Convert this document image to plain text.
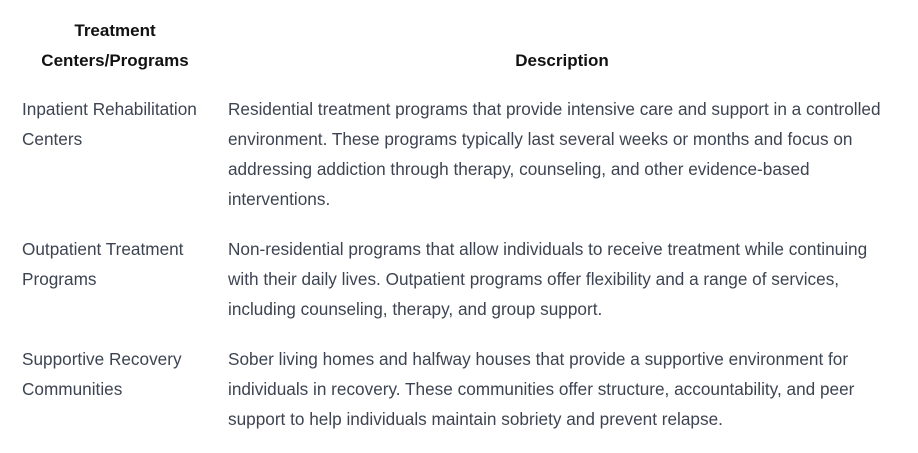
Treatment Centers/Programs	Description
Inpatient Rehabilitation Centers	Residential treatment programs that provide intensive care and support in a controlled environment. These programs typically last several weeks or months and focus on addressing addiction through therapy, counseling, and other evidence-based interventions.
Outpatient Treatment Programs	Non-residential programs that allow individuals to receive treatment while continuing with their daily lives. Outpatient programs offer flexibility and a range of services, including counseling, therapy, and group support.
Supportive Recovery Communities	Sober living homes and halfway houses that provide a supportive environment for individuals in recovery. These communities offer structure, accountability, and peer support to help individuals maintain sobriety and prevent relapse.
